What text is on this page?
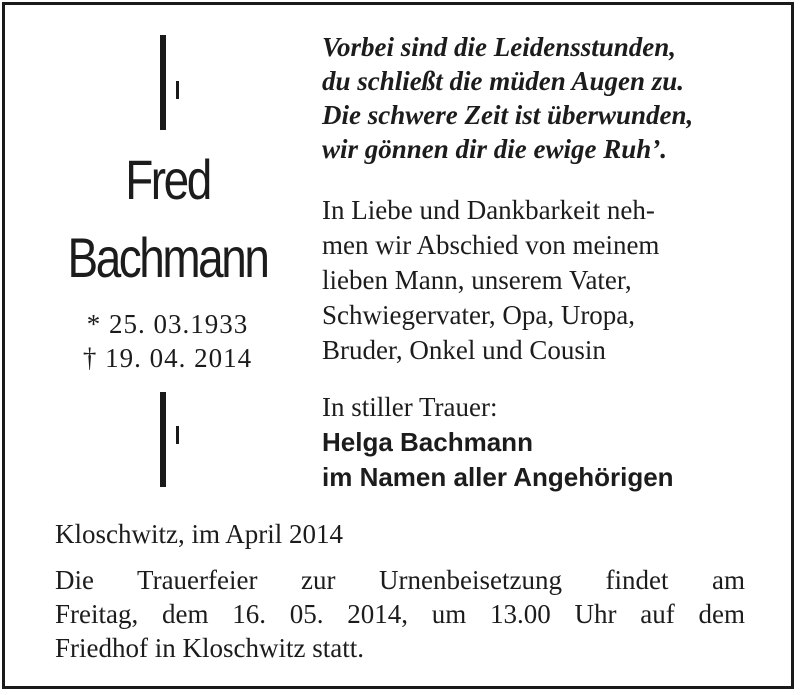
Fred
Bachmann
* 25. 03.1933
† 19. 04. 2014
Vorbei sind die Leidensstunden,
du schließt die müden Augen zu.
Die schwere Zeit ist überwunden,
wir gönnen dir die ewige Ruh’.
In Liebe und Dankbarkeit neh-
men wir Abschied von meinem
lieben Mann, unserem Vater,
Schwiegervater, Opa, Uropa,
Bruder, Onkel und Cousin
In stiller Trauer:
Helga Bachmann
im Namen aller Angehörigen
Kloschwitz, im April 2014
Die Trauerfeier zur Urnenbeisetzung findet am
Freitag, dem 16. 05. 2014, um 13.00 Uhr auf dem
Friedhof in Kloschwitz statt.
